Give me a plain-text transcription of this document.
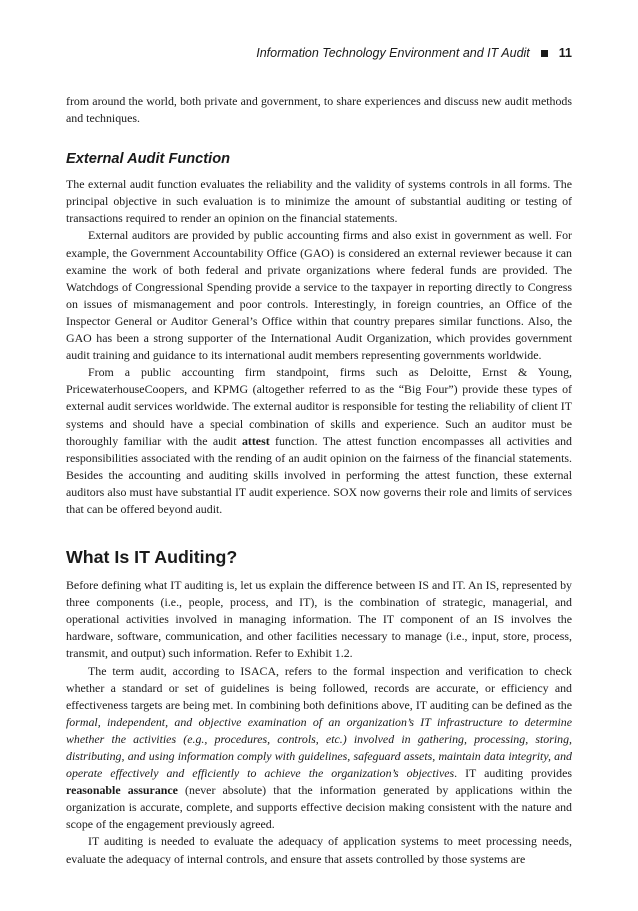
Information Technology Environment and IT Audit 11

from around the world, both private and government, to share experiences and discuss new audit methods and techniques.

External Audit Function

The external audit function evaluates the reliability and the validity of systems controls in all forms. The principal objective in such evaluation is to minimize the amount of substantial auditing or testing of transactions required to render an opinion on the financial statements.

External auditors are provided by public accounting firms and also exist in government as well. For example, the Government Accountability Office (GAO) is considered an external reviewer because it can examine the work of both federal and private organizations where federal funds are provided. The Watchdogs of Congressional Spending provide a service to the taxpayer in reporting directly to Congress on issues of mismanagement and poor controls. Interestingly, in foreign countries, an Office of the Inspector General or Auditor General’s Office within that country prepares similar functions. Also, the GAO has been a strong supporter of the International Audit Organization, which provides government audit training and guidance to its international audit members representing governments worldwide.

From a public accounting firm standpoint, firms such as Deloitte, Ernst & Young, PricewaterhouseCoopers, and KPMG (altogether referred to as the “Big Four”) provide these types of external audit services worldwide. The external auditor is responsible for testing the reliability of client IT systems and should have a special combination of skills and experience. Such an auditor must be thoroughly familiar with the audit attest function. The attest function encompasses all activities and responsibilities associated with the rending of an audit opinion on the fairness of the financial statements. Besides the accounting and auditing skills involved in performing the attest function, these external auditors also must have substantial IT audit experience. SOX now governs their role and limits of services that can be offered beyond audit.

What Is IT Auditing?

Before defining what IT auditing is, let us explain the difference between IS and IT. An IS, represented by three components (i.e., people, process, and IT), is the combination of strategic, managerial, and operational activities involved in managing information. The IT component of an IS involves the hardware, software, communication, and other facilities necessary to manage (i.e., input, store, process, transmit, and output) such information. Refer to Exhibit 1.2.

The term audit, according to ISACA, refers to the formal inspection and verification to check whether a standard or set of guidelines is being followed, records are accurate, or efficiency and effectiveness targets are being met. In combining both definitions above, IT auditing can be defined as the formal, independent, and objective examination of an organization’s IT infrastructure to determine whether the activities (e.g., procedures, controls, etc.) involved in gathering, processing, storing, distributing, and using information comply with guidelines, safeguard assets, maintain data integrity, and operate effectively and efficiently to achieve the organization’s objectives. IT auditing provides reasonable assurance (never absolute) that the information generated by applications within the organization is accurate, complete, and supports effective decision making consistent with the nature and scope of the engagement previously agreed.

IT auditing is needed to evaluate the adequacy of application systems to meet processing needs, evaluate the adequacy of internal controls, and ensure that assets controlled by those systems are
